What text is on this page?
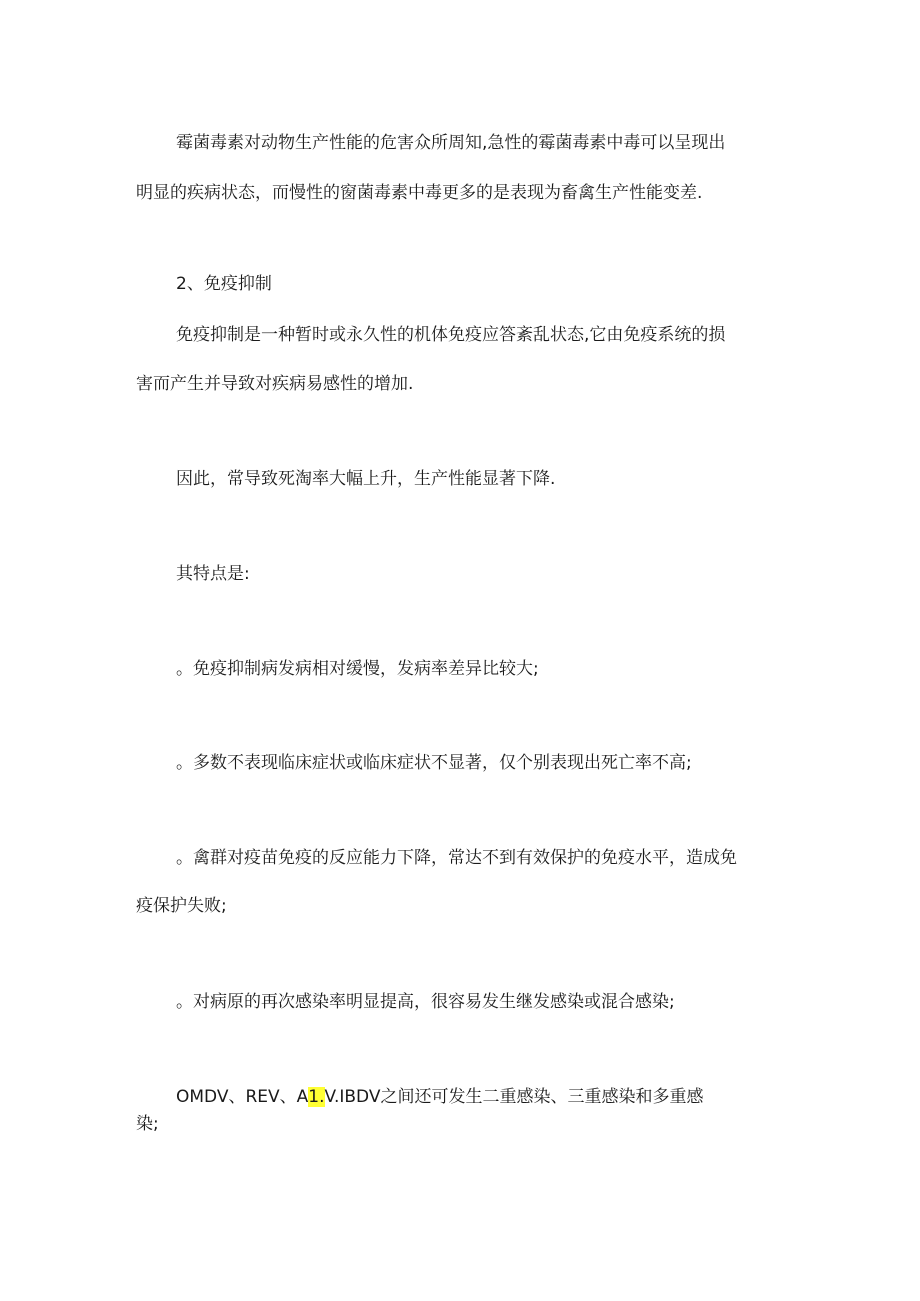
霉菌毒素对动物生产性能的危害众所周知,急性的霉菌毒素中毒可以呈现出
明显的疾病状态，而慢性的窗菌毒素中毒更多的是表现为畜禽生产性能变差.
2、免疫抑制
免疫抑制是一种暂时或永久性的机体免疫应答紊乱状态,它由免疫系统的损
害而产生并导致对疾病易感性的增加.
因此，常导致死淘率大幅上升，生产性能显著下降.
其特点是:
。免疫抑制病发病相对缓慢，发病率差异比较大;
。多数不表现临床症状或临床症状不显著，仅个别表现出死亡率不高;
。禽群对疫苗免疫的反应能力下降，常达不到有效保护的免疫水平，造成免
疫保护失败;
。对病原的再次感染率明显提高，很容易发生继发感染或混合感染;
OMDV、REV、A1.V.IBDV之间还可发生二重感染、三重感染和多重感
染;
